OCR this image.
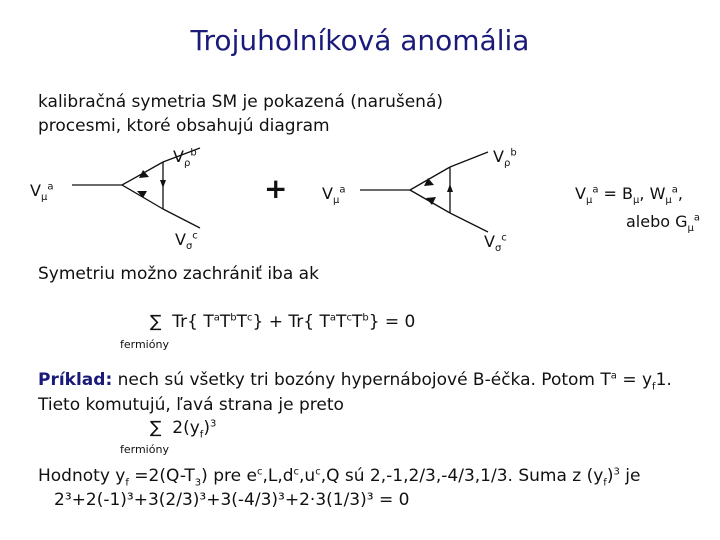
Trojuholníková anomália
kalibračná symetria SM je pokazená (narušená)
procesmi, ktoré obsahujú diagram
$V_\rho^b$
$V_\mu^a$
$V_\sigma^c$
+
$V_\rho^b$
$V_\mu^a$
$V_\sigma^c$
$V_\mu^a = B_\mu$, $W_\mu^a$,
alebo $G_\mu^a$
Symetriu možno zachrániť iba ak
∑ Tr{ $T^aT^bT^c\} + Tr${ $T^aT^cT^b\} = 0$
fermióny
Príklad: nech sú všetky tri bozóny hypernábojové B-éčka. Potom $T^a = y_f1$.
Tieto komutujú, ľavá strana je preto
∑ $2(y_f)^3$
fermióny
Hodnoty $y_f =2(Q-T_3)$ pre $e^c,L,d^c,u^c,Q$ sú 2,-1,2/3,-4/3,1/3. Suma z $(y_f)^3$ je
2³+2(-1)³+3(2/3)³+3(-4/3)³+2·3(1/3)³ = 0
